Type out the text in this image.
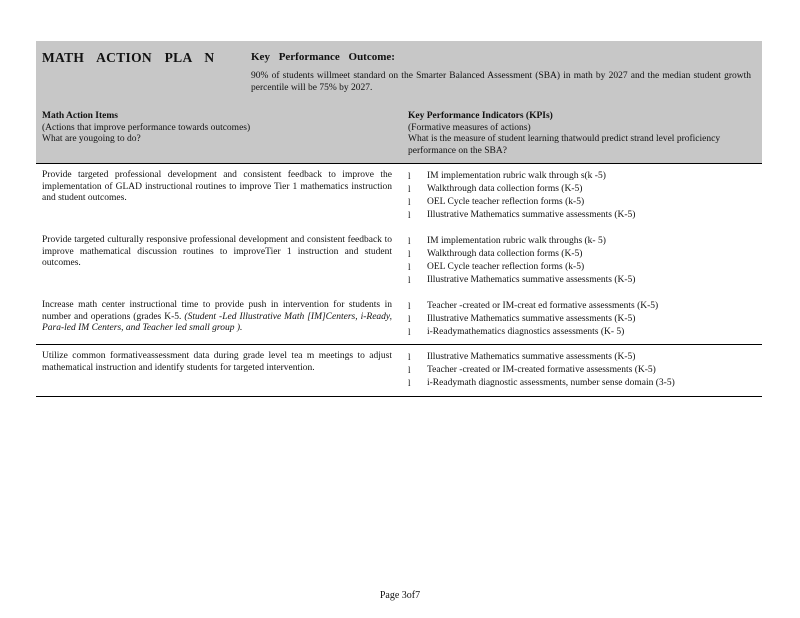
MATH ACTION PLA N	Key Performance Outcome:
90% of students willmeet standard on the Smarter Balanced Assessment (SBA) in math by 2027 and the median student growth percentile will be 75% by 2027.
Math Action Items
(Actions that improve performance towards outcomes)
What are yougoing to do?
Key Performance Indicators (KPIs)
(Formative measures of actions)
What is the measure of student learning thatwould predict strand level proficiency performance on the SBA?
Provide targeted professional development and consistent feedback to improve the implementation of GLAD instructional routines to improve Tier 1 mathematics instruction and student outcomes.
l IM implementation rubric walk through s(k -5)
l Walkthrough data collection forms (K-5)
l OEL Cycle teacher reflection forms (k-5)
l Illustrative Mathematics summative assessments (K-5)
Provide targeted culturally responsive professional development and consistent feedback to improve mathematical discussion routines to improveTier 1 instruction and student outcomes.
l IM implementation rubric walk throughs (k- 5)
l Walkthrough data collection forms (K-5)
l OEL Cycle teacher reflection forms (k-5)
l Illustrative Mathematics summative assessments (K-5)
Increase math center instructional time to provide push in intervention for students in number and operations (grades K-5. (Student -Led Illustrative Math [IM]Centers, i-Ready, Para-led IM Centers, and Teacher led small group ).
l Teacher -created or IM-creat ed formative assessments (K-5)
l Illustrative Mathematics summative assessments (K-5)
l i-Readymathematics diagnostics assessments (K- 5)
Utilize common formativeassessment data during grade level tea m meetings to adjust mathematical instruction and identify students for targeted intervention.
l Illustrative Mathematics summative assessments (K-5)
l Teacher -created or IM-created formative assessments (K-5)
l i-Readymath diagnostic assessments, number sense domain (3-5)
Page 3of7
